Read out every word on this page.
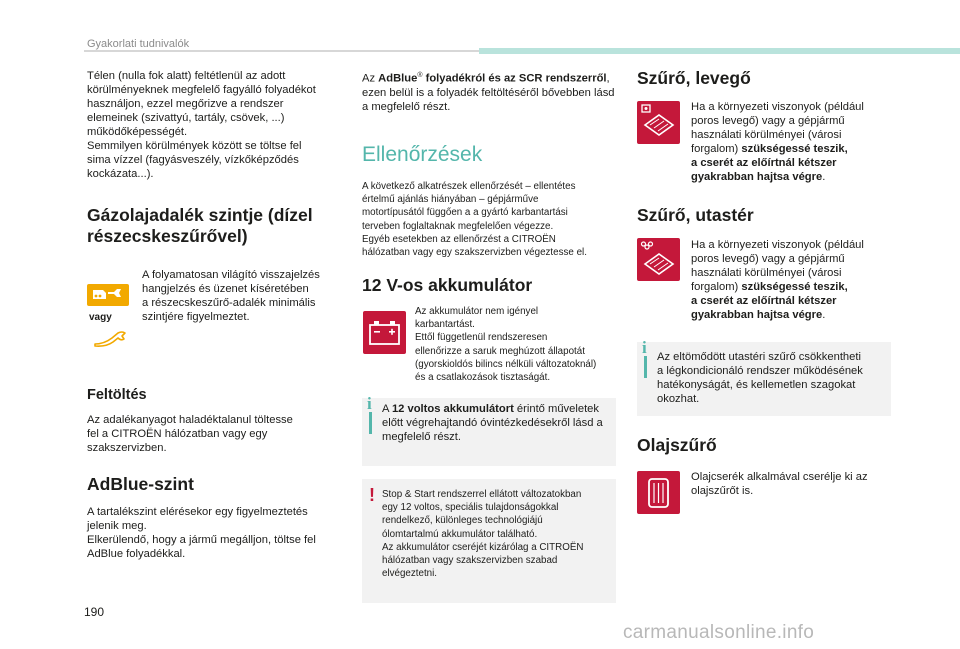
Gyakorlati tudnivalók
Télen (nulla fok alatt) feltétlenül az adott
körülményeknek megfelelő fagyálló folyadékot
használjon, ezzel megőrizve a rendszer
elemeinek (szivattyú, tartály, csövek, ...)
működőképességét.
Semmilyen körülmények között se töltse fel
sima vízzel (fagyásveszély, vízkőképződés
kockázata...).
Gázolajadalék szintje (dízel
részecskeszűrővel)
vagy
A folyamatosan világító visszajelzés
hangjelzés és üzenet kíséretében
a részecskeszűrő-adalék minimális
szintjére figyelmeztet.
Feltöltés
Az adalékanyagot haladéktalanul töltesse
fel a CITROËN hálózatban vagy egy
szakszervizben.
AdBlue-szint
A tartalékszint elérésekor egy figyelmeztetés
jelenik meg.
Elkerülendő, hogy a jármű megálljon, töltse fel
AdBlue folyadékkal.
Az AdBlue® folyadékról és az SCR rendszerről, ezen belül is a folyadék feltöltéséről bővebben lásd a megfelelő részt.
Ellenőrzések
A következő alkatrészek ellenőrzését – ellentétes
értelmű ajánlás hiányában – gépjárműve
motortípusától függően a a gyártó karbantartási
terveben foglaltaknak megfelelően végezze.
Egyéb esetekben az ellenőrzést a CITROËN
hálózatban vagy egy szakszervizben végeztesse el.
12 V-os akkumulátor
Az akkumulátor nem igényel
karbantartást.
Ettől függetlenül rendszeresen
ellenőrizze a saruk meghúzott állapotát
(gyorskioldós bilincs nélküli változatoknál)
és a csatlakozások tisztaságát.
i A 12 voltos akkumulátort érintő műveletek előtt végrehajtandó óvintézkedésekről lásd a megfelelő részt.
! Stop & Start rendszerrel ellátott változatokban
egy 12 voltos, speciális tulajdonságokkal
rendelkező, különleges technológiájú
ólomtartalmú akkumulátor található.
Az akkumulátor cseréjét kizárólag a CITROËN
hálózatban vagy szakszervizben szabad
elvégeztetni.
Szűrő, levegő
Ha a környezeti viszonyok (például
poros levegő) vagy a gépjármű
használati körülményei (városi
forgalom) szükségessé teszik,
a cserét az előírtnál kétszer
gyakrabban hajtsa végre.
Szűrő, utastér
Ha a környezeti viszonyok (például
poros levegő) vagy a gépjármű
használati körülményei (városi
forgalom) szükségessé teszik,
a cserét az előírtnál kétszer
gyakrabban hajtsa végre.
i Az eltömődött utastéri szűrő csökkentheti
a légkondicionáló rendszer működésének
hatékonyságát, és kellemetlen szagokat
okozhat.
Olajszűrő
Olajcserék alkalmával cserélje ki az
olajszűrőt is.
190
carmanualsonline.info
